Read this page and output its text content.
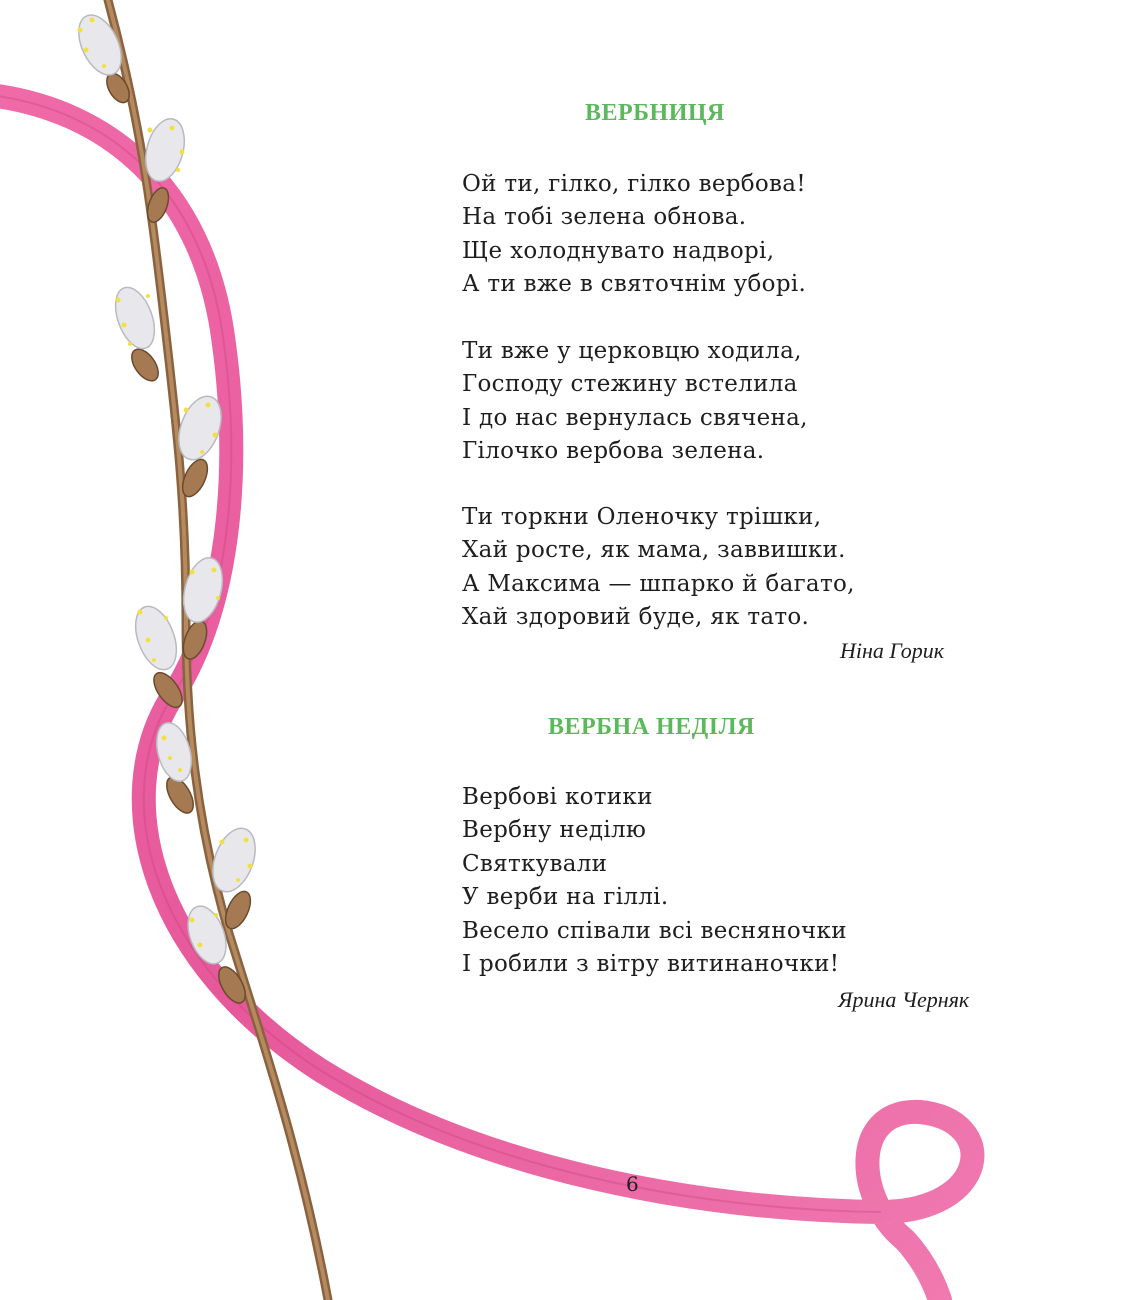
ВЕРБНИЦЯ
Ой ти, гілко, гілко вербова!
На тобі зелена обнова.
Ще холоднувато надворі,
А ти вже в святочнім уборі.
Ти вже у церковцю ходила,
Господу стежину встелила
І до нас вернулась свячена,
Гілочко вербова зелена.
Ти торкни Оленочку трішки,
Хай росте, як мама, заввишки.
А Максима — шпарко й багато,
Хай здоровий буде, як тато.
Ніна Горик
ВЕРБНА НЕДІЛЯ
Вербові котики
Вербну неділю
Святкували
У верби на гіллі.
Весело співали всі весняночки
І робили з вітру витинаночки!
Ярина Черняк
6
